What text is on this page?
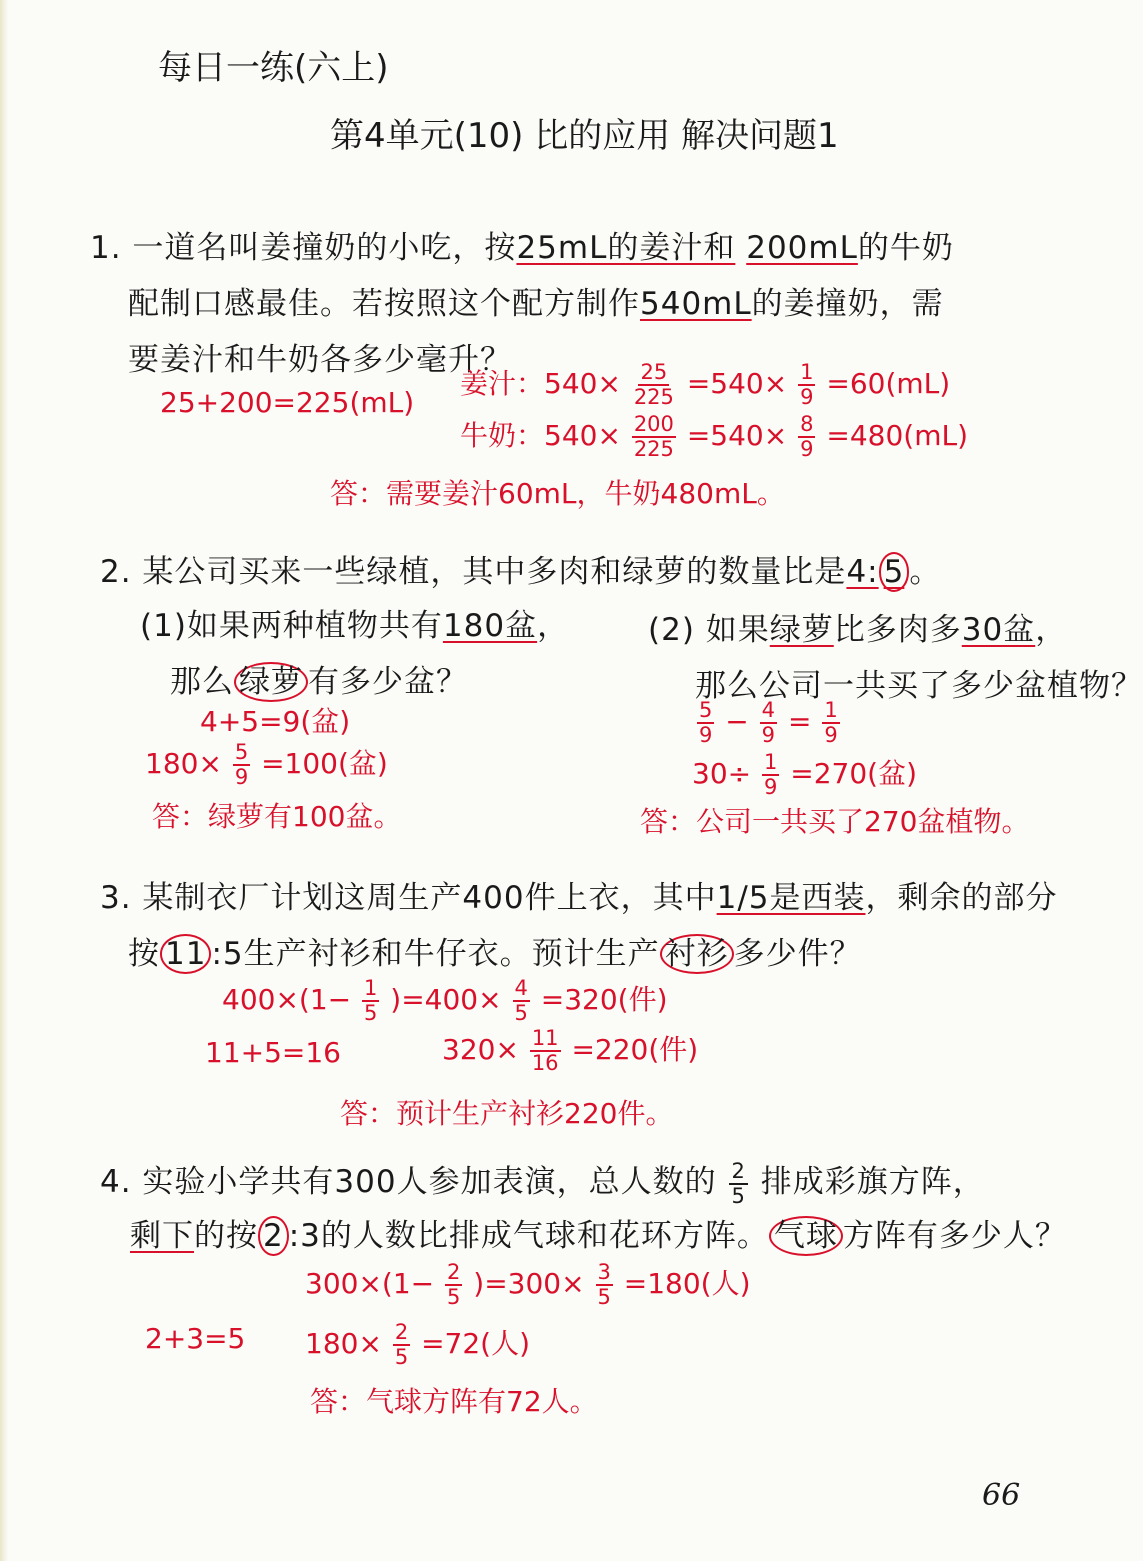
每日一练(六上)
第4单元(10) 比的应用 解决问题1
1. 一道名叫姜撞奶的小吃，按25mL的姜汁和 200mL的牛奶
配制口感最佳。若按照这个配方制作540mL的姜撞奶，需
要姜汁和牛奶各多少毫升？
25+200=225(mL)
姜汁：$540\times \frac{25}{225} =540\times \frac{1}{9} =60(mL)$
牛奶：$540\times \frac{200}{225} =540\times \frac{8}{9} =480(mL)$
答：需要姜汁60mL，牛奶480mL。
2. 某公司买来一些绿植，其中多肉和绿萝的数量比是4: 5 。
(1)如果两种植物共有180盆，
那么 绿萝 有多少盆？
4+5=9(盆)
$180\times \frac{5}{9} =100$(盆)
答：绿萝有100盆。
(2) 如果绿萝比多肉多30盆，
那么公司一共买了多少盆植物？
$\frac{5}{9} - \frac{4}{9} = \frac{1}{9}$
$30\div \frac{1}{9} =270$(盆)
答：公司一共买了270盆植物。
3. 某制衣厂计划这周生产400件上衣，其中1/5是西装，剩余的部分
按 11 :5生产衬衫和牛仔衣。预计生产 衬衫 多少件？
$400\times(1- \frac{1}{5} )=400\times \frac{4}{5} =320$(件)
11+5=16	$320\times \frac{11}{16} =220$(件)
答：预计生产衬衫220件。
4. 实验小学共有300人参加表演，总人数的 $\frac{2}{5}$ 排成彩旗方阵，
剩下的按 2 :3的人数比排成气球和花环方阵。 气球 方阵有多少人？
$300\times(1- \frac{2}{5} )=300\times \frac{3}{5} =180$(人)
2+3=5 $180\times \frac{2}{5} =72$(人)
答：气球方阵有72人。
66
